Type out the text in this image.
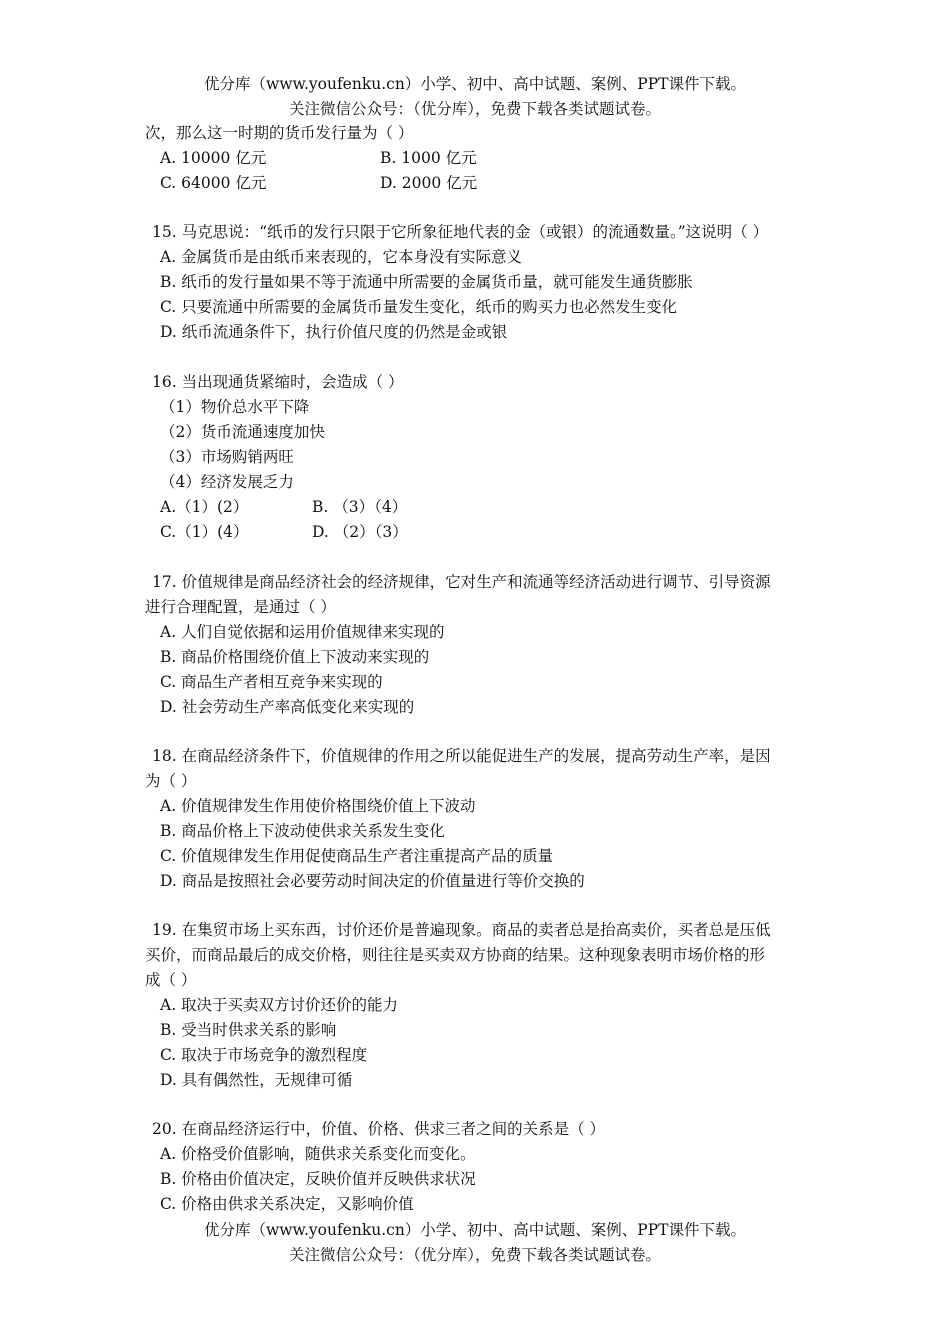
优分库（www.youfenku.cn）小学、初中、高中试题、案例、PPT课件下载。
关注微信公众号：（优分库），免费下载各类试题试卷。
次，那么这一时期的货币发行量为（ ）
A. 10000 亿元	B. 1000 亿元
C. 64000 亿元	D. 2000 亿元
15. 马克思说：“纸币的发行只限于它所象征地代表的金（或银）的流通数量。”这说明（ ）
A. 金属货币是由纸币来表现的，它本身没有实际意义
B. 纸币的发行量如果不等于流通中所需要的金属货币量，就可能发生通货膨胀
C. 只要流通中所需要的金属货币量发生变化，纸币的购买力也必然发生变化
D. 纸币流通条件下，执行价值尺度的仍然是金或银
16. 当出现通货紧缩时，会造成（ ）
（1）物价总水平下降
（2）货币流通速度加快
（3）市场购销两旺
（4）经济发展乏力
A.（1）(2）	B. （3）（4）
C.（1）(4）	D. （2）（3）
17. 价值规律是商品经济社会的经济规律，它对生产和流通等经济活动进行调节、引导资源
进行合理配置，是通过（ ）
A. 人们自觉依据和运用价值规律来实现的
B. 商品价格围绕价值上下波动来实现的
C. 商品生产者相互竞争来实现的
D. 社会劳动生产率高低变化来实现的
18. 在商品经济条件下，价值规律的作用之所以能促进生产的发展，提高劳动生产率，是因
为（ ）
A. 价值规律发生作用使价格围绕价值上下波动
B. 商品价格上下波动使供求关系发生变化
C. 价值规律发生作用促使商品生产者注重提高产品的质量
D. 商品是按照社会必要劳动时间决定的价值量进行等价交换的
19. 在集贸市场上买东西，讨价还价是普遍现象。商品的卖者总是抬高卖价，买者总是压低
买价，而商品最后的成交价格，则往往是买卖双方协商的结果。这种现象表明市场价格的形
成（ ）
A. 取决于买卖双方讨价还价的能力
B. 受当时供求关系的影响
C. 取决于市场竞争的激烈程度
D. 具有偶然性，无规律可循
20. 在商品经济运行中，价值、价格、供求三者之间的关系是（ ）
A. 价格受价值影响，随供求关系变化而变化。
B. 价格由价值决定，反映价值并反映供求状况
C. 价格由供求关系决定，又影响价值
优分库（www.youfenku.cn）小学、初中、高中试题、案例、PPT课件下载。
关注微信公众号：（优分库），免费下载各类试题试卷。
